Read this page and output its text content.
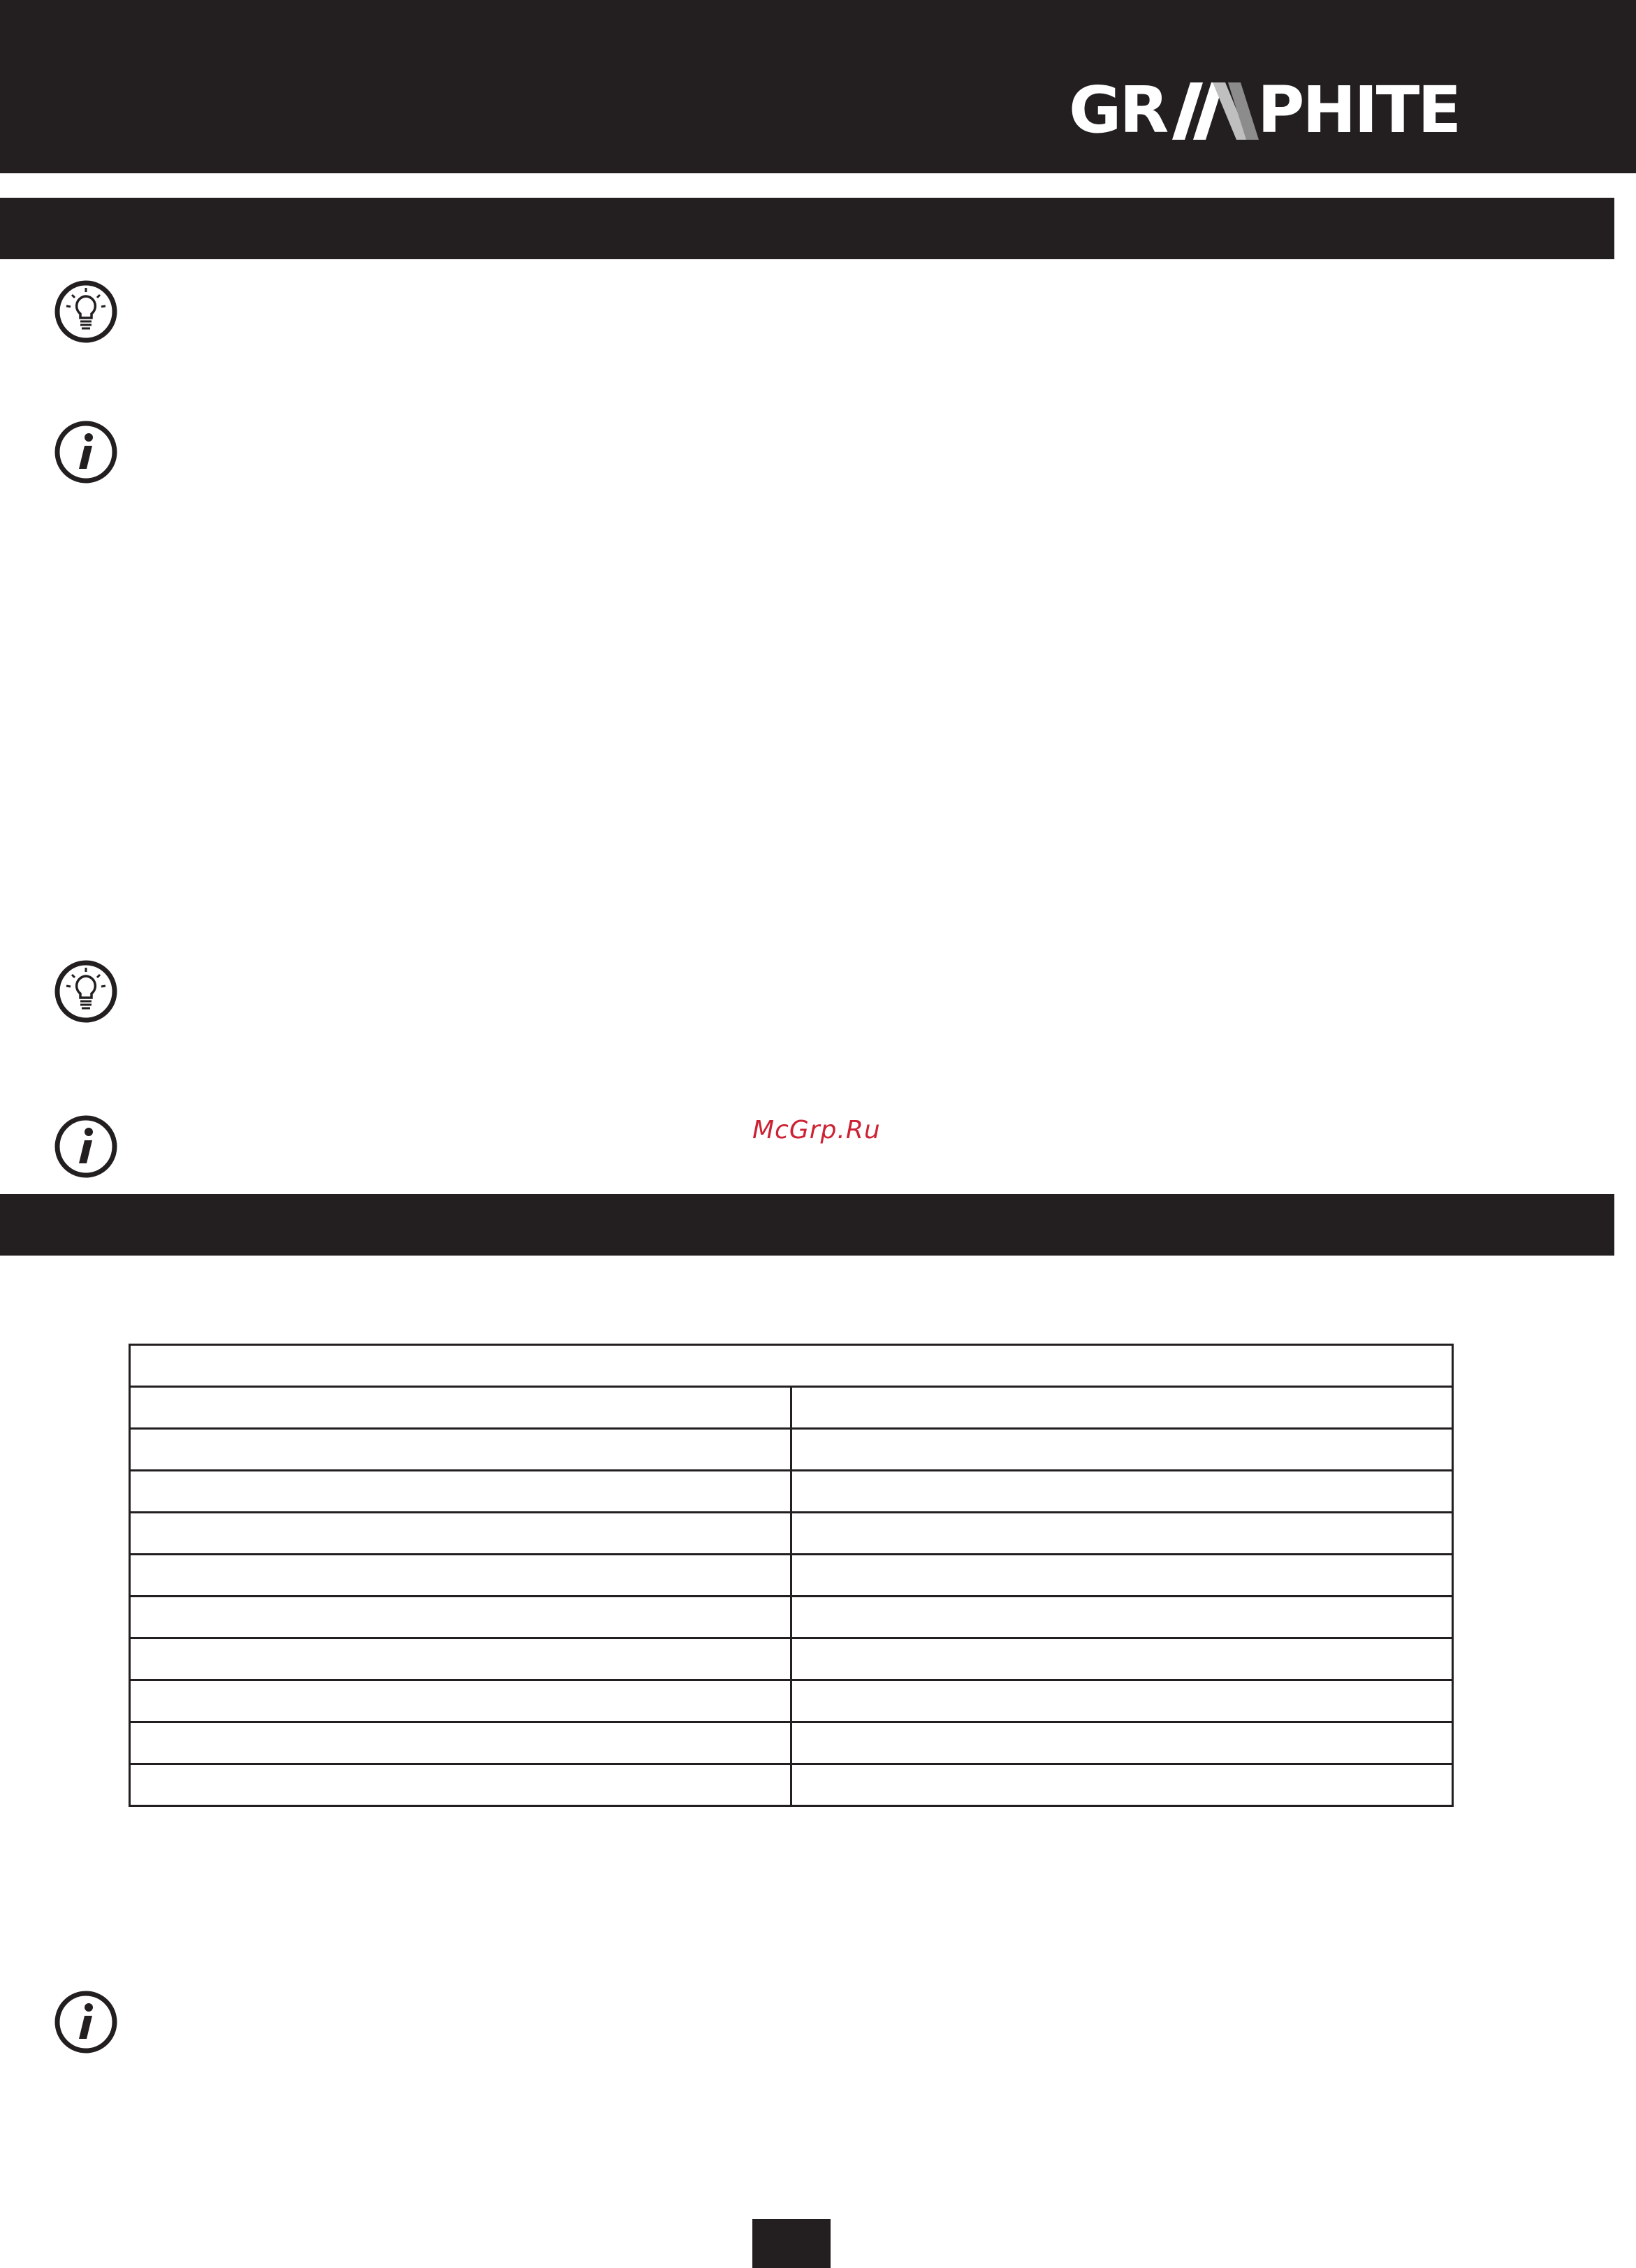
GR PHITE
McGrp.Ru
